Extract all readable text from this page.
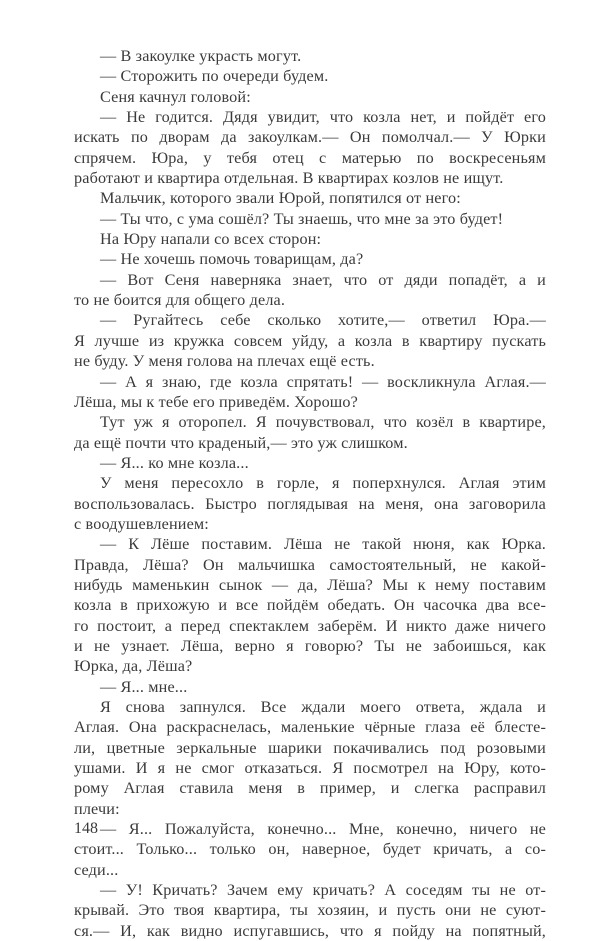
— В закоулке украсть могут.
— Сторожить по очереди будем.
Сеня качнул головой:
— Не годится. Дядя увидит, что козла нет, и пойдёт его
искать по дворам да закоулкам.— Он помолчал.— У Юрки
спрячем. Юра, у тебя отец с матерью по воскресеньям
работают и квартира отдельная. В квартирах козлов не ищут.
Мальчик, которого звали Юрой, попятился от него:
— Ты что, с ума сошёл? Ты знаешь, что мне за это будет!
На Юру напали со всех сторон:
— Не хочешь помочь товарищам, да?
— Вот Сеня наверняка знает, что от дяди попадёт, а и
то не боится для общего дела.
— Ругайтесь себе сколько хотите,— ответил Юра.—
Я лучше из кружка совсем уйду, а козла в квартиру пускать
не буду. У меня голова на плечах ещё есть.
— А я знаю, где козла спрятать! — воскликнула Аглая.—
Лёша, мы к тебе его приведём. Хорошо?
Тут уж я оторопел. Я почувствовал, что козёл в квартире,
да ещё почти что краденый,— это уж слишком.
— Я... ко мне козла...
У меня пересохло в горле, я поперхнулся. Аглая этим
воспользовалась. Быстро поглядывая на меня, она заговорила
с воодушевлением:
— К Лёше поставим. Лёша не такой нюня, как Юрка.
Правда, Лёша? Он мальчишка самостоятельный, не какой-
нибудь маменькин сынок — да, Лёша? Мы к нему поставим
козла в прихожую и все пойдём обедать. Он часочка два все-
го постоит, а перед спектаклем заберём. И никто даже ничего
и не узнает. Лёша, верно я говорю? Ты не забоишься, как
Юрка, да, Лёша?
— Я... мне...
Я снова запнулся. Все ждали моего ответа, ждала и
Аглая. Она раскраснелась, маленькие чёрные глаза её блесте-
ли, цветные зеркальные шарики покачивались под розовыми
ушами. И я не смог отказаться. Я посмотрел на Юру, кото-
рому Аглая ставила меня в пример, и слегка расправил
плечи:
— Я... Пожалуйста, конечно... Мне, конечно, ничего не
стоит... Только... только он, наверное, будет кричать, а со-
седи...
— У! Кричать? Зачем ему кричать? А соседям ты не от-
крывай. Это твоя квартира, ты хозяин, и пусть они не суют-
ся.— И, как видно испугавшись, что я пойду на попятный,
148
